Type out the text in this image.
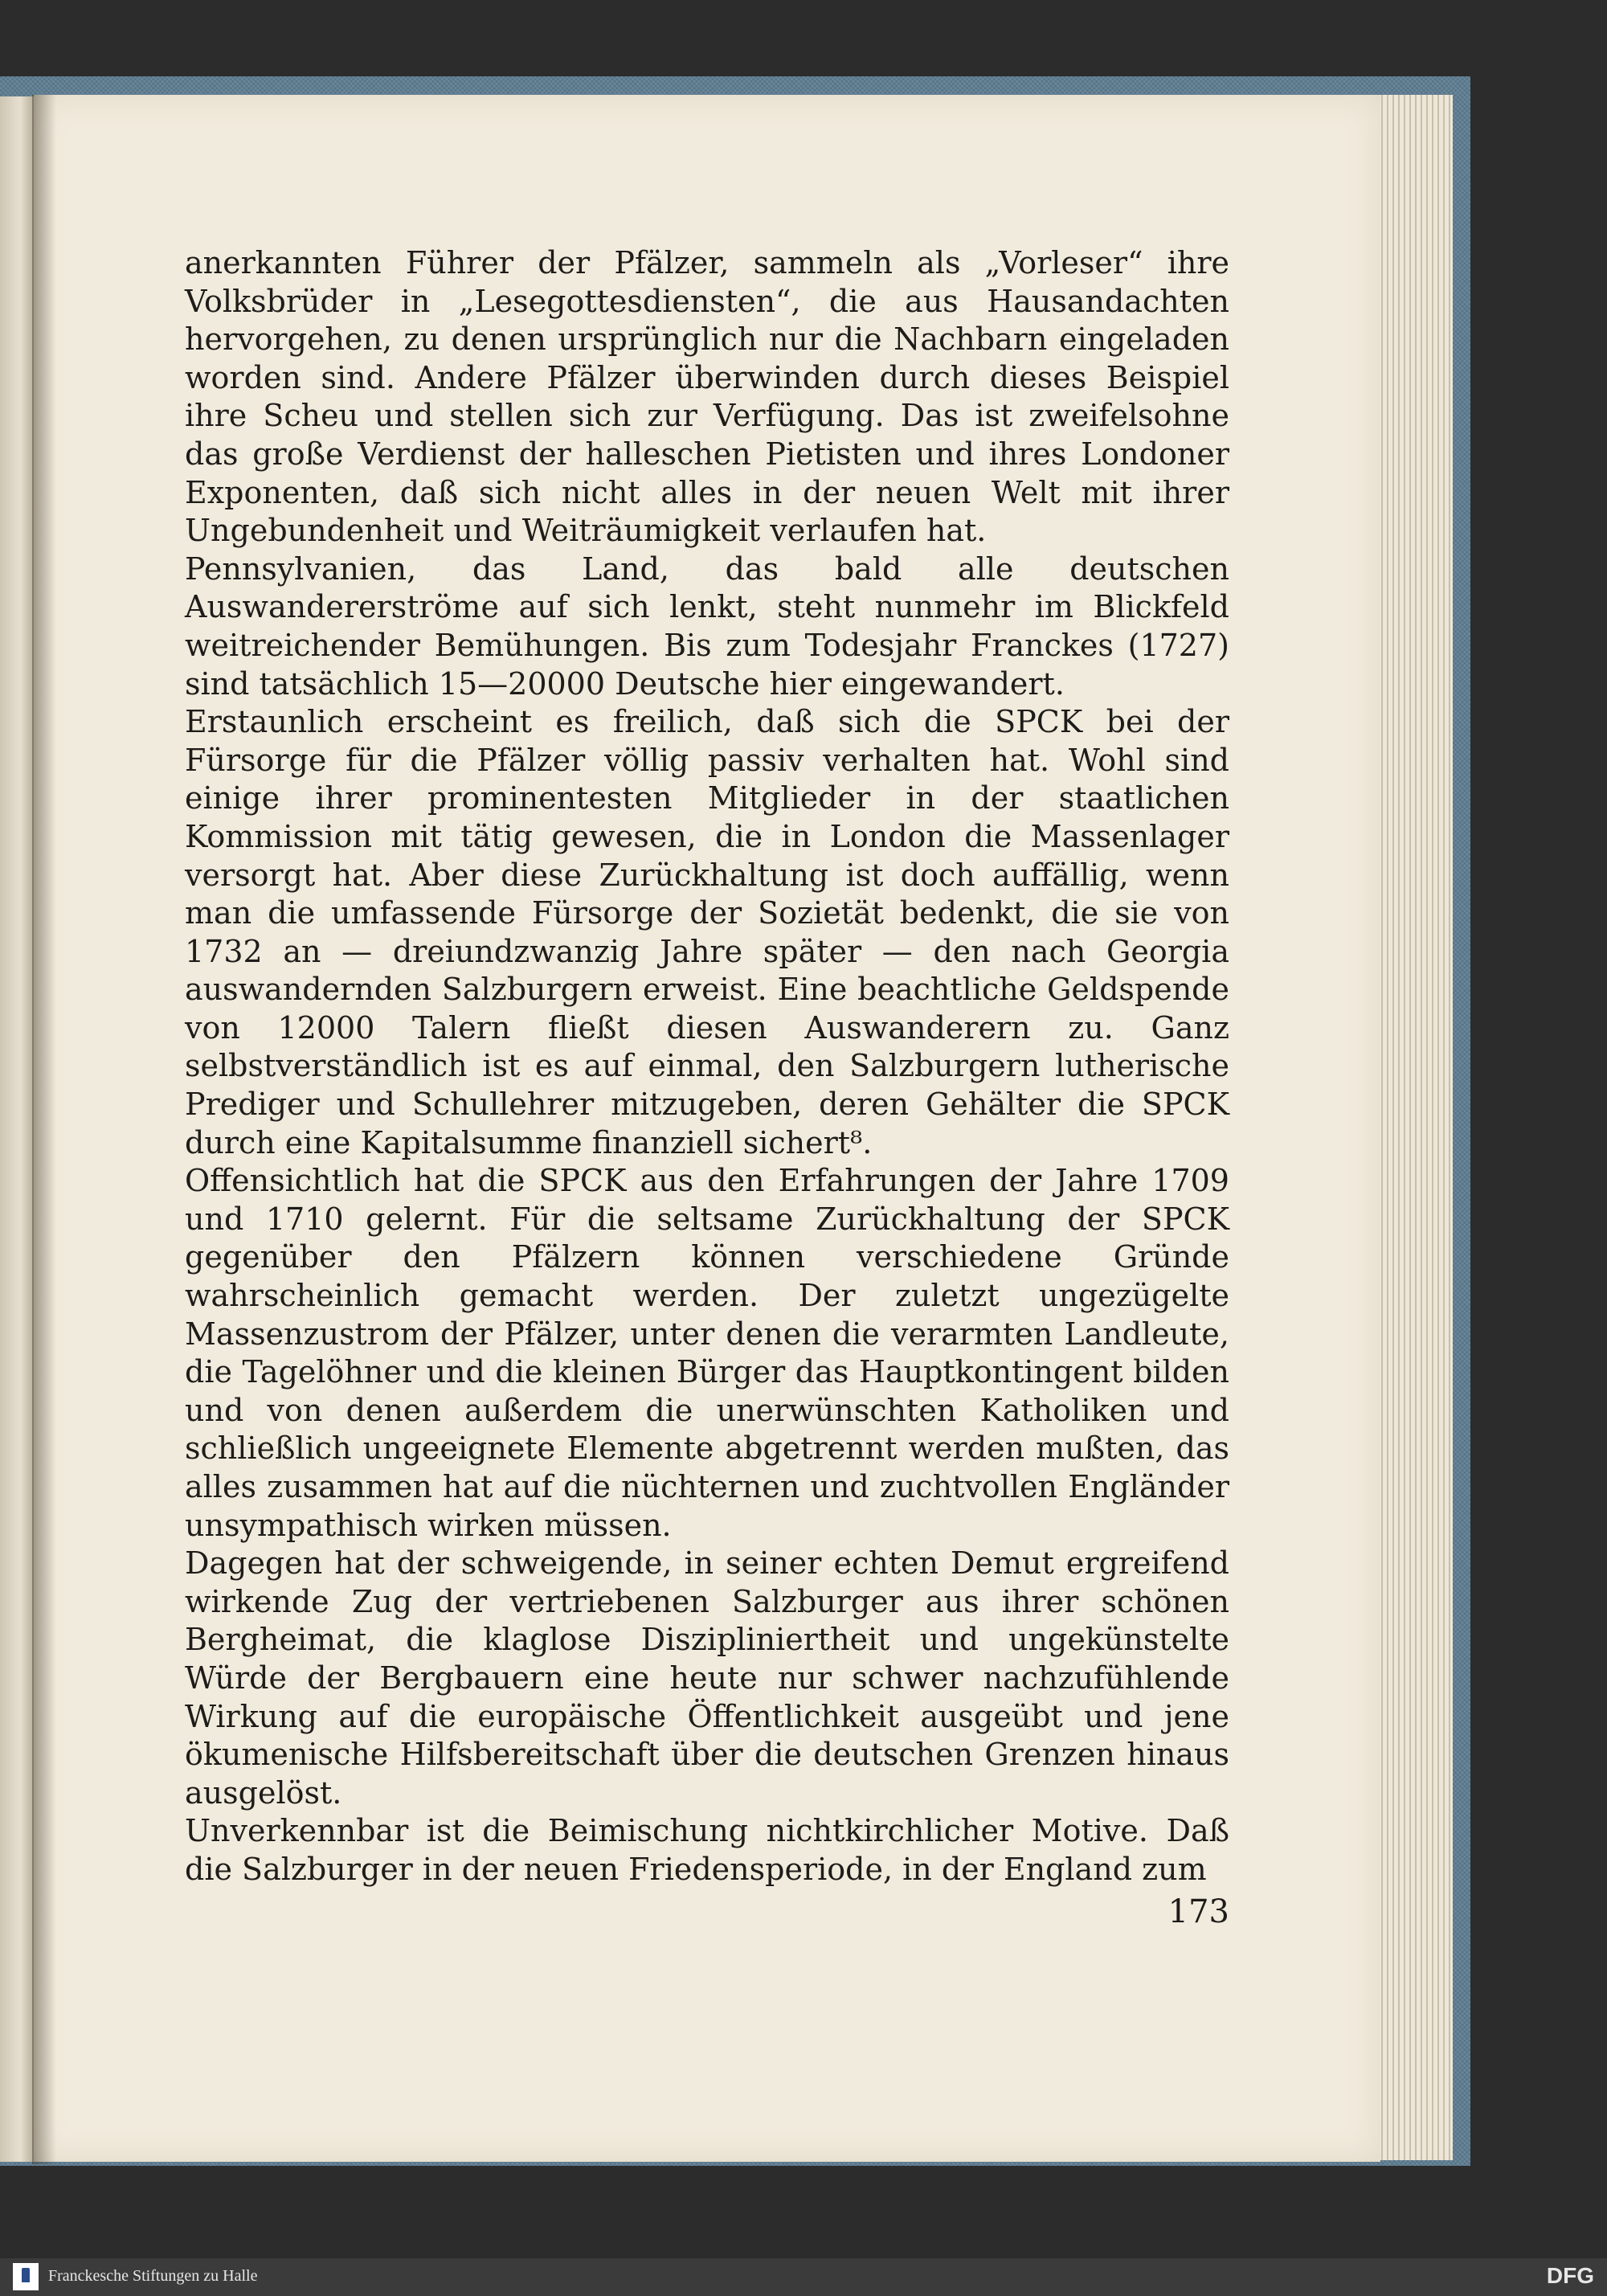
anerkannten Führer der Pfälzer, sammeln als „Vorleser“ ihre Volksbrüder in „Lesegottesdiensten“, die aus Hausandachten hervorgehen, zu denen ursprünglich nur die Nachbarn eingeladen worden sind. Andere Pfälzer überwinden durch dieses Beispiel ihre Scheu und stellen sich zur Verfügung. Das ist zweifelsohne das große Verdienst der halleschen Pietisten und ihres Londoner Exponenten, daß sich nicht alles in der neuen Welt mit ihrer Ungebundenheit und Weiträumigkeit verlaufen hat.

Pennsylvanien, das Land, das bald alle deutschen Auswandererströme auf sich lenkt, steht nunmehr im Blickfeld weitreichender Bemühungen. Bis zum Todesjahr Franckes (1727) sind tatsächlich 15—20000 Deutsche hier eingewandert.

Erstaunlich erscheint es freilich, daß sich die SPCK bei der Fürsorge für die Pfälzer völlig passiv verhalten hat. Wohl sind einige ihrer prominentesten Mitglieder in der staatlichen Kommission mit tätig gewesen, die in London die Massenlager versorgt hat. Aber diese Zurückhaltung ist doch auffällig, wenn man die umfassende Fürsorge der Sozietät bedenkt, die sie von 1732 an — dreiundzwanzig Jahre später — den nach Georgia auswandernden Salzburgern erweist. Eine beachtliche Geldspende von 12000 Talern fließt diesen Auswanderern zu. Ganz selbstverständlich ist es auf einmal, den Salzburgern lutherische Prediger und Schullehrer mitzugeben, deren Gehälter die SPCK durch eine Kapitalsumme finanziell sichert⁸.

Offensichtlich hat die SPCK aus den Erfahrungen der Jahre 1709 und 1710 gelernt. Für die seltsame Zurückhaltung der SPCK gegenüber den Pfälzern können verschiedene Gründe wahrscheinlich gemacht werden. Der zuletzt ungezügelte Massenzustrom der Pfälzer, unter denen die verarmten Landleute, die Tagelöhner und die kleinen Bürger das Hauptkontingent bilden und von denen außerdem die unerwünschten Katholiken und schließlich ungeeignete Elemente abgetrennt werden mußten, das alles zusammen hat auf die nüchternen und zuchtvollen Engländer unsympathisch wirken müssen.

Dagegen hat der schweigende, in seiner echten Demut ergreifend wirkende Zug der vertriebenen Salzburger aus ihrer schönen Bergheimat, die klaglose Diszipliniertheit und ungekünstelte Würde der Bergbauern eine heute nur schwer nachzufühlende Wirkung auf die europäische Öffentlichkeit ausgeübt und jene ökumenische Hilfsbereitschaft über die deutschen Grenzen hinaus ausgelöst.

Unverkennbar ist die Beimischung nichtkirchlicher Motive. Daß die Salzburger in der neuen Friedensperiode, in der England zum

173
Franckesche Stiftungen zu Halle	DFG
